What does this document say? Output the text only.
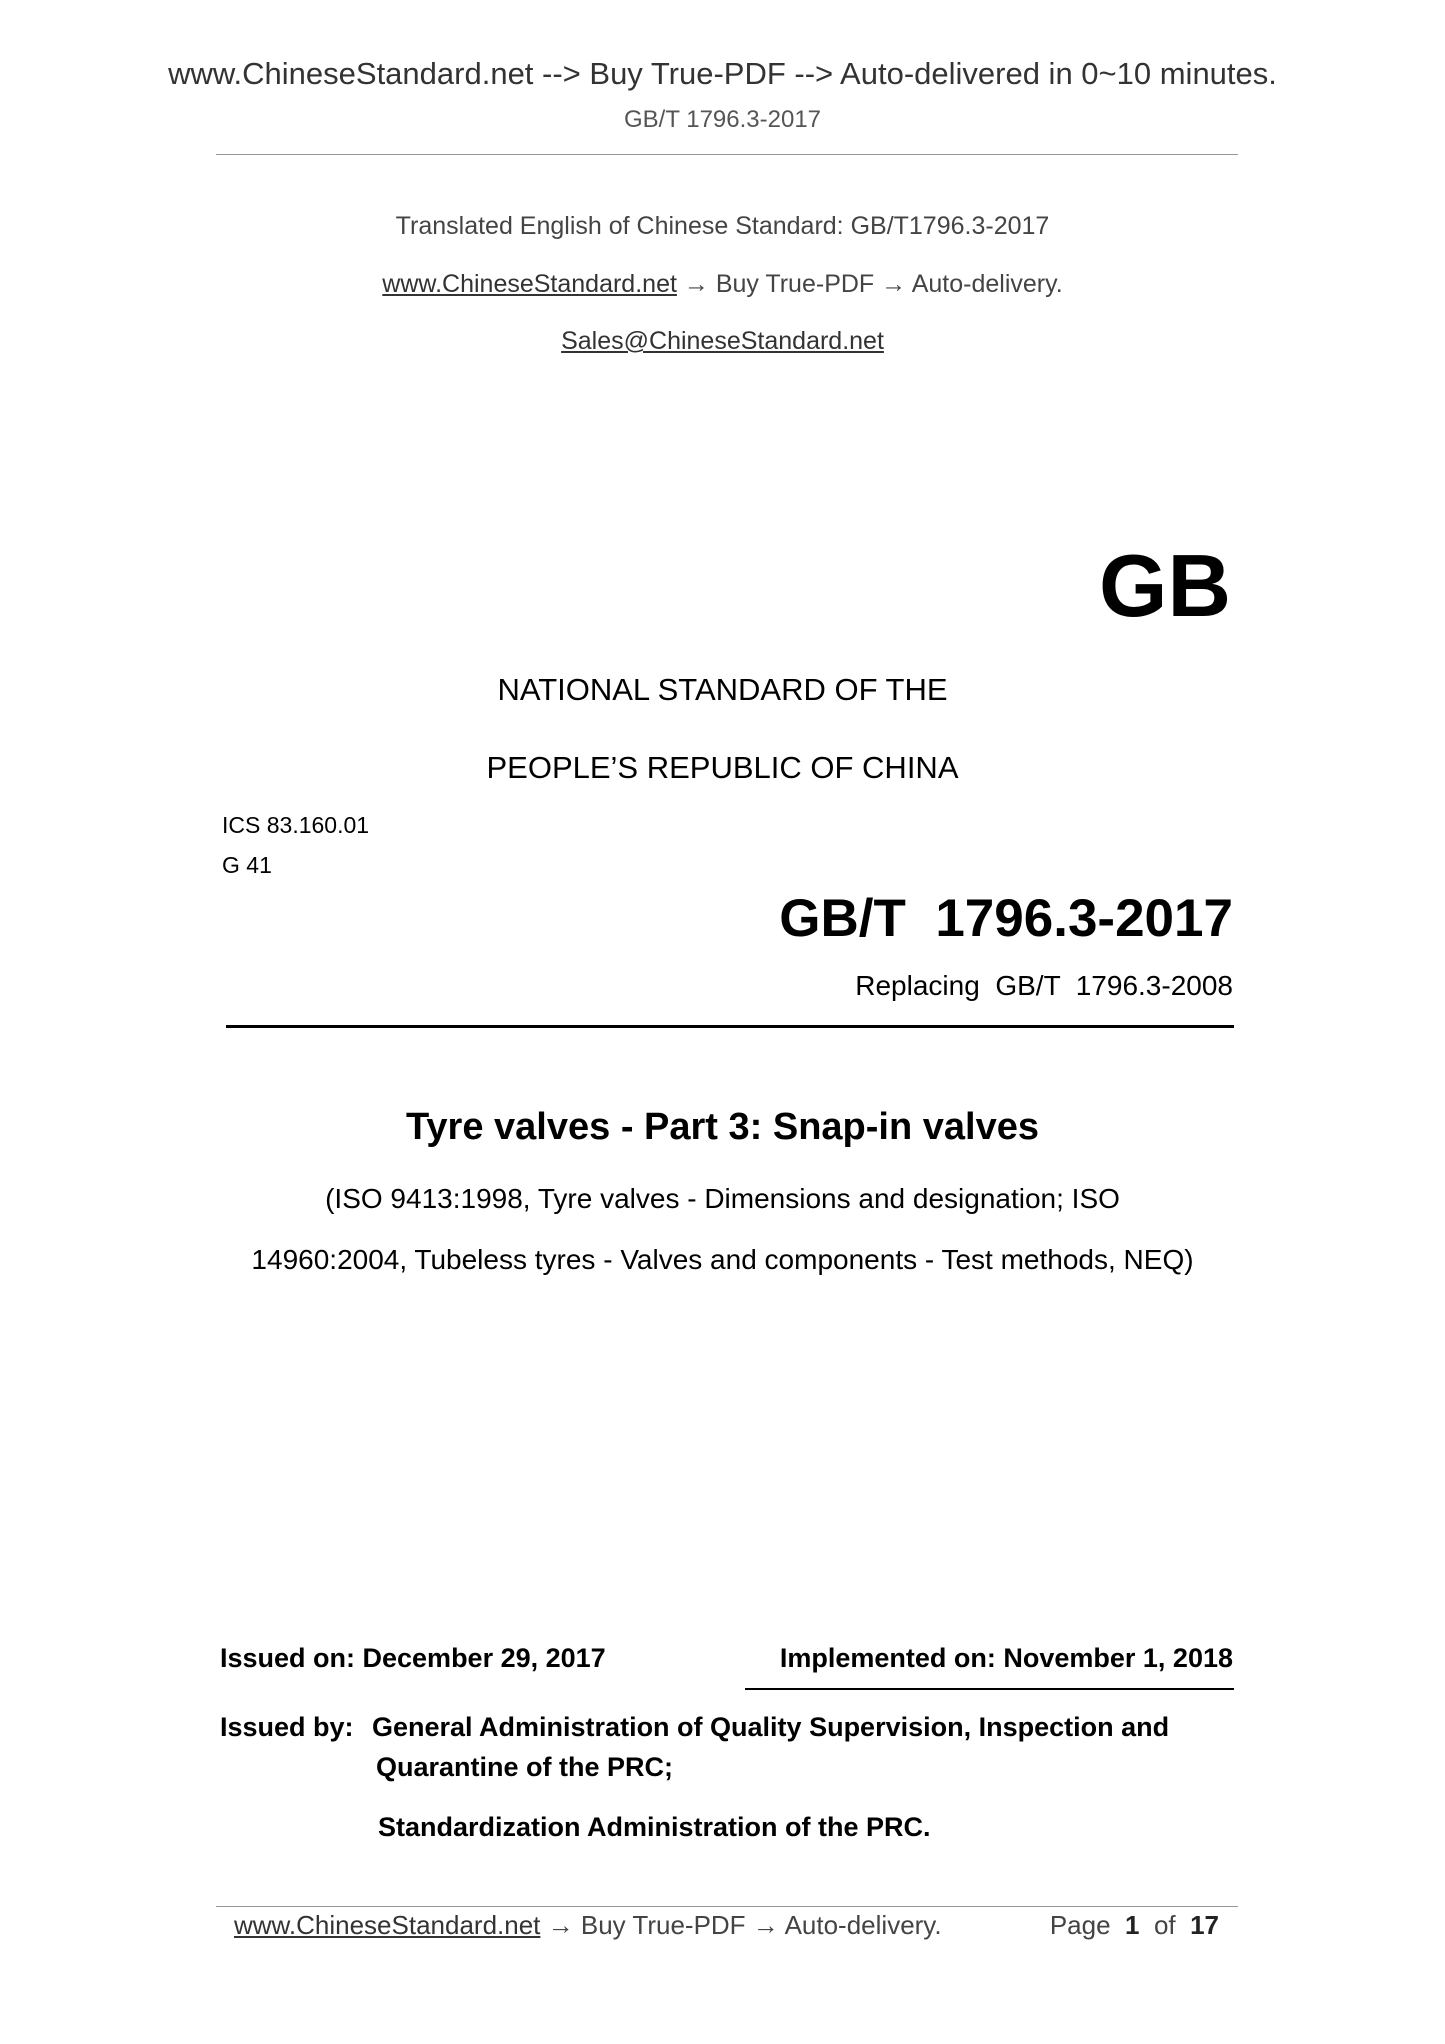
www.ChineseStandard.net --> Buy True-PDF --> Auto-delivered in 0~10 minutes.
GB/T 1796.3-2017
Translated English of Chinese Standard: GB/T1796.3-2017
www.ChineseStandard.net → Buy True-PDF → Auto-delivery.
Sales@ChineseStandard.net
GB
NATIONAL STANDARD OF THE
PEOPLE’S REPUBLIC OF CHINA
ICS 83.160.01
G 41
GB/T  1796.3-2017
Replacing  GB/T  1796.3-2008
Tyre valves - Part 3: Snap-in valves
(ISO 9413:1998, Tyre valves - Dimensions and designation; ISO
14960:2004, Tubeless tyres - Valves and components - Test methods, NEQ)
Issued on: December 29, 2017	Implemented on: November 1, 2018
Issued by: General Administration of Quality Supervision, Inspection and
Quarantine of the PRC;
Standardization Administration of the PRC.
www.ChineseStandard.net → Buy True-PDF → Auto-delivery.	Page 1 of 17
